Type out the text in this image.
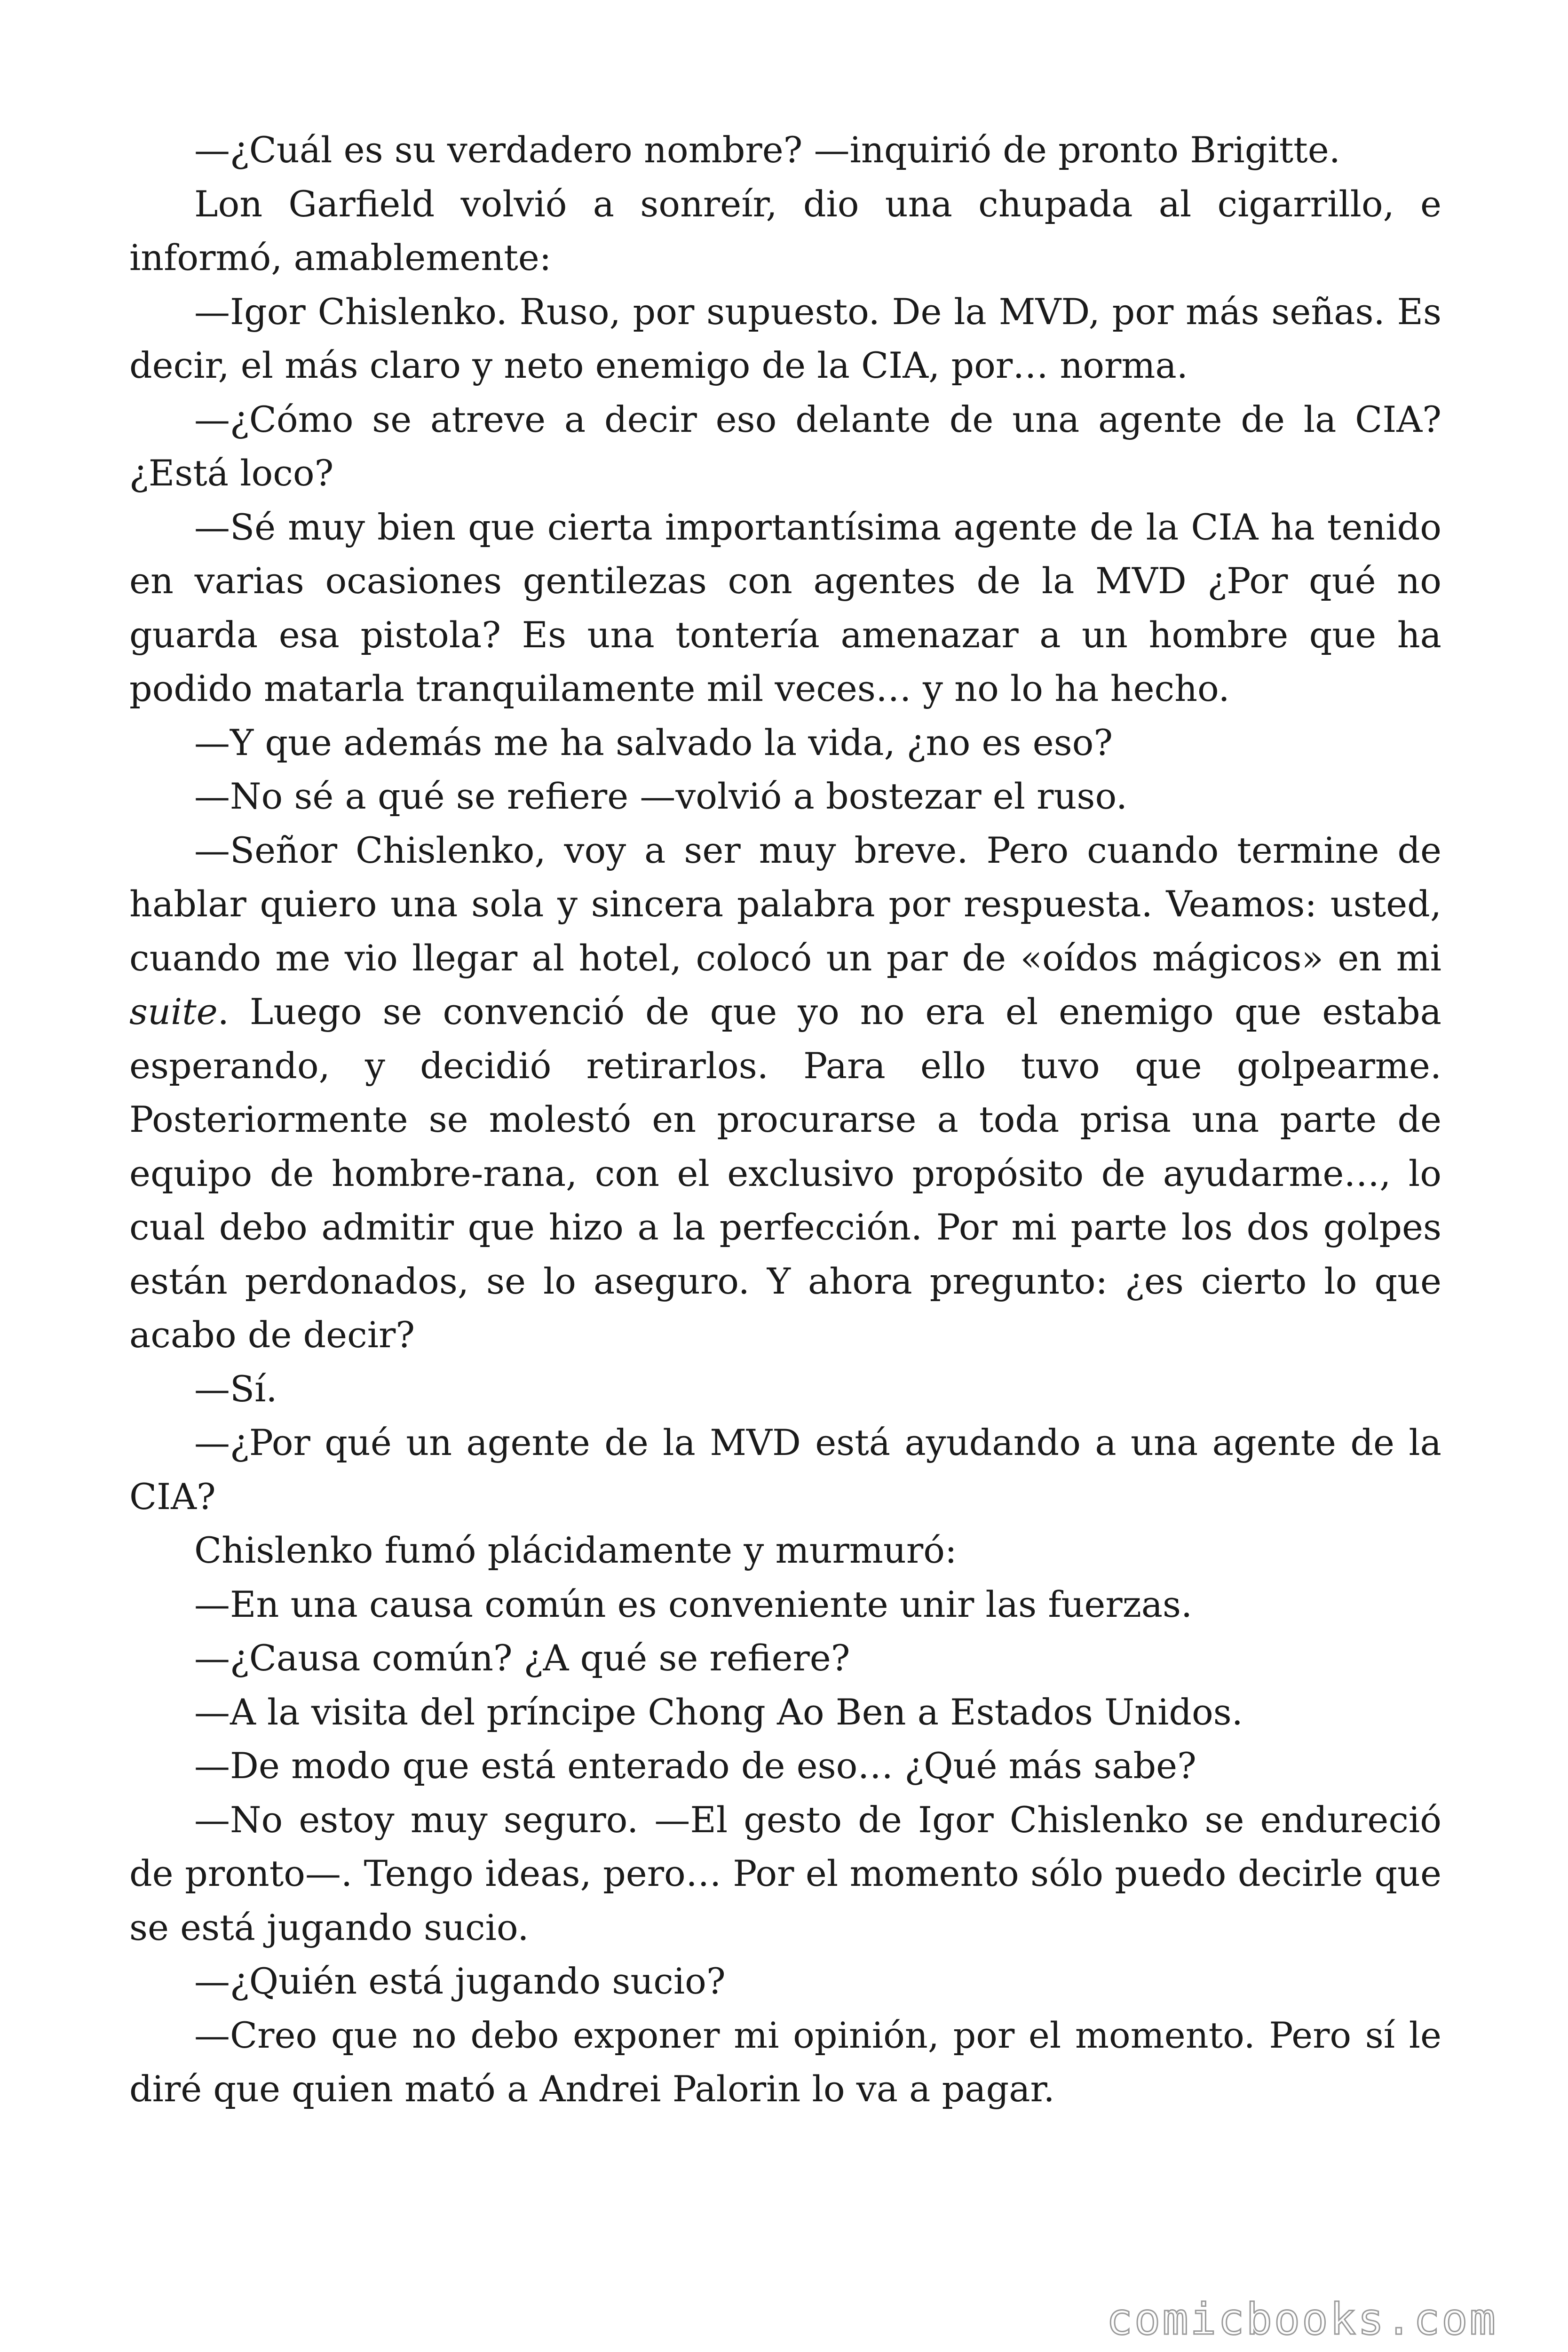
—¿Cuál es su verdadero nombre? —inquirió de pronto Brigitte.

Lon Garfield volvió a sonreír, dio una chupada al cigarrillo, e informó, amablemente:

—Igor Chislenko. Ruso, por supuesto. De la MVD, por más señas. Es decir, el más claro y neto enemigo de la CIA, por… norma.

—¿Cómo se atreve a decir eso delante de una agente de la CIA? ¿Está loco?

—Sé muy bien que cierta importantísima agente de la CIA ha tenido en varias ocasiones gentilezas con agentes de la MVD ¿Por qué no guarda esa pistola? Es una tontería amenazar a un hombre que ha podido matarla tranquilamente mil veces… y no lo ha hecho.

—Y que además me ha salvado la vida, ¿no es eso?

—No sé a qué se refiere —volvió a bostezar el ruso.

—Señor Chislenko, voy a ser muy breve. Pero cuando termine de hablar quiero una sola y sincera palabra por respuesta. Veamos: usted, cuando me vio llegar al hotel, colocó un par de «oídos mágicos» en mi suite. Luego se convenció de que yo no era el enemigo que estaba esperando, y decidió retirarlos. Para ello tuvo que golpearme. Posteriormente se molestó en procurarse a toda prisa una parte de equipo de hombre-rana, con el exclusivo propósito de ayudarme…, lo cual debo admitir que hizo a la perfección. Por mi parte los dos golpes están perdonados, se lo aseguro. Y ahora pregunto: ¿es cierto lo que acabo de decir?

—Sí.

—¿Por qué un agente de la MVD está ayudando a una agente de la CIA?

Chislenko fumó plácidamente y murmuró:

—En una causa común es conveniente unir las fuerzas.

—¿Causa común? ¿A qué se refiere?

—A la visita del príncipe Chong Ao Ben a Estados Unidos.

—De modo que está enterado de eso… ¿Qué más sabe?

—No estoy muy seguro. —El gesto de Igor Chislenko se endureció de pronto—. Tengo ideas, pero… Por el momento sólo puedo decirle que se está jugando sucio.

—¿Quién está jugando sucio?

—Creo que no debo exponer mi opinión, por el momento. Pero sí le diré que quien mató a Andrei Palorin lo va a pagar.

comicbooks.com
